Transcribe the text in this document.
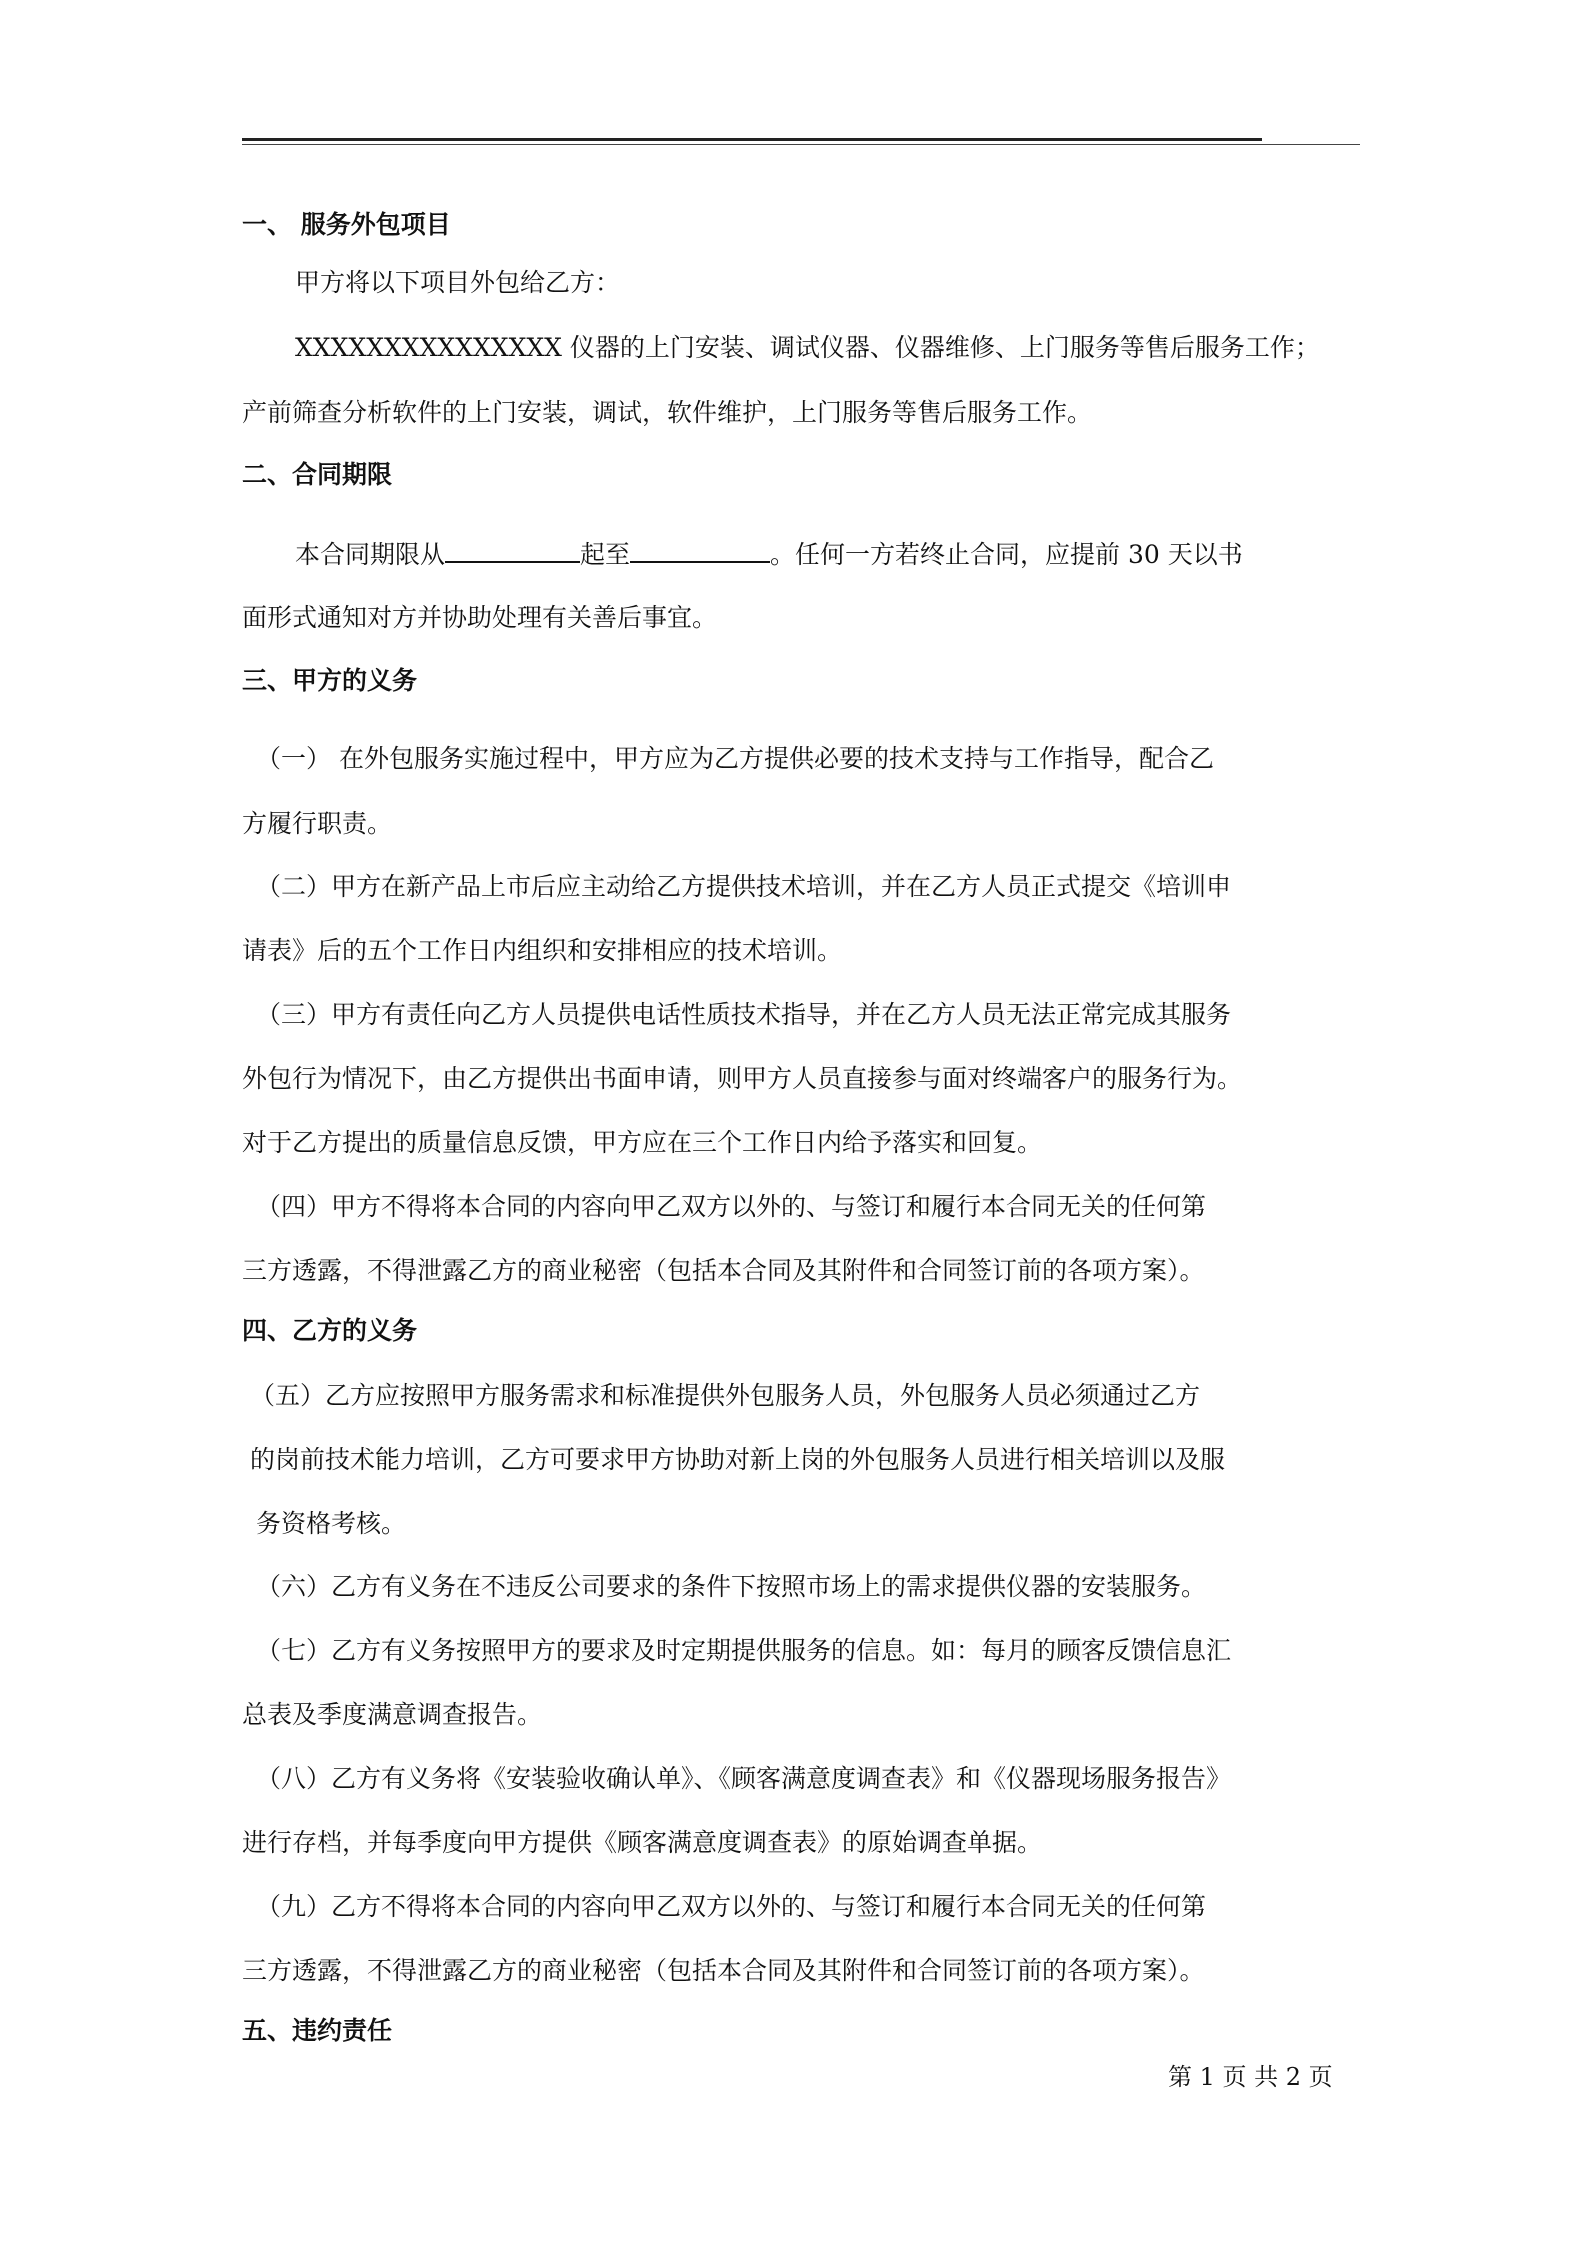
一、 服务外包项目

甲方将以下项目外包给乙方：

XXXXXXXXXXXXXXX 仪器的上门安装、调试仪器、仪器维修、上门服务等售后服务工作；

产前筛查分析软件的上门安装，调试，软件维护，上门服务等售后服务工作。

二、合同期限

本合同期限从	起至	。任何一方若终止合同，应提前 30 天以书

面形式通知对方并协助处理有关善后事宜。

三、甲方的义务

（一） 在外包服务实施过程中，甲方应为乙方提供必要的技术支持与工作指导，配合乙

方履行职责。

（二）甲方在新产品上市后应主动给乙方提供技术培训，并在乙方人员正式提交《培训申

请表》后的五个工作日内组织和安排相应的技术培训。

（三）甲方有责任向乙方人员提供电话性质技术指导，并在乙方人员无法正常完成其服务

外包行为情况下，由乙方提供出书面申请，则甲方人员直接参与面对终端客户的服务行为。

对于乙方提出的质量信息反馈，甲方应在三个工作日内给予落实和回复。

（四）甲方不得将本合同的内容向甲乙双方以外的、与签订和履行本合同无关的任何第

三方透露，不得泄露乙方的商业秘密（包括本合同及其附件和合同签订前的各项方案）。

四、乙方的义务

（五）乙方应按照甲方服务需求和标准提供外包服务人员，外包服务人员必须通过乙方

的岗前技术能力培训，乙方可要求甲方协助对新上岗的外包服务人员进行相关培训以及服

务资格考核。

（六）乙方有义务在不违反公司要求的条件下按照市场上的需求提供仪器的安装服务。

（七）乙方有义务按照甲方的要求及时定期提供服务的信息。如：每月的顾客反馈信息汇

总表及季度满意调查报告。

（八）乙方有义务将《安装验收确认单》、《顾客满意度调查表》和《仪器现场服务报告》

进行存档，并每季度向甲方提供《顾客满意度调查表》的原始调查单据。

（九）乙方不得将本合同的内容向甲乙双方以外的、与签订和履行本合同无关的任何第

三方透露，不得泄露乙方的商业秘密（包括本合同及其附件和合同签订前的各项方案）。

五、违约责任

第 1 页 共 2 页
